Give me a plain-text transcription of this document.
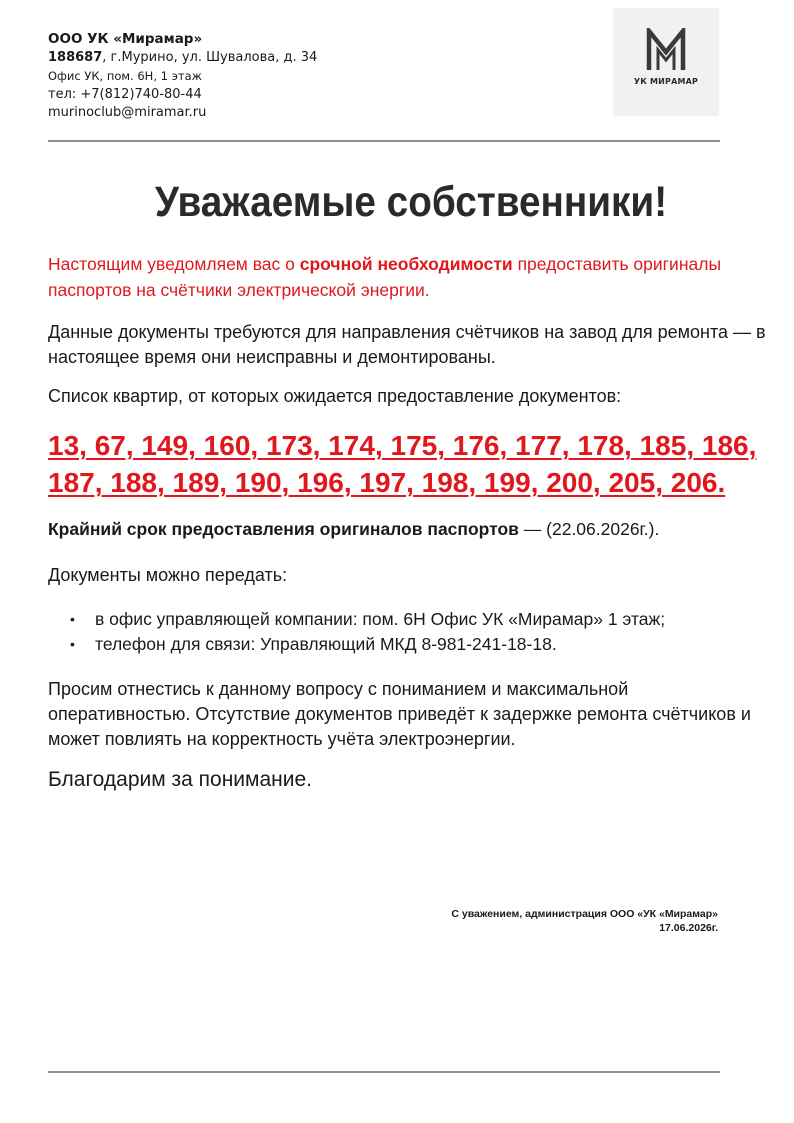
ООО УК «Мирамар»
188687, г.Мурино, ул. Шувалова, д. 34
Офис УК, пом. 6Н, 1 этаж
тел: +7(812)740-80-44
murinoclub@miramar.ru
УК МИРАМАР
Уважаемые собственники!
Настоящим уведомляем вас о срочной необходимости предоставить оригиналы паспортов на счётчики электрической энергии.
Данные документы требуются для направления счётчиков на завод для ремонта — в настоящее время они неисправны и демонтированы.
Список квартир, от которых ожидается предоставление документов:
13, 67, 149, 160, 173, 174, 175, 176, 177, 178, 185, 186, 187, 188, 189, 190, 196, 197, 198, 199, 200, 205, 206.
Крайний срок предоставления оригиналов паспортов — (22.06.2026г.).
Документы можно передать:
• в офис управляющей компании: пом. 6Н Офис УК «Мирамар» 1 этаж;
• телефон для связи: Управляющий МКД 8-981-241-18-18.
Просим отнестись к данному вопросу с пониманием и максимальной оперативностью. Отсутствие документов приведёт к задержке ремонта счётчиков и может повлиять на корректность учёта электроэнергии.
Благодарим за понимание.
С уважением, администрация ООО «УК «Мирамар»
17.06.2026г.
